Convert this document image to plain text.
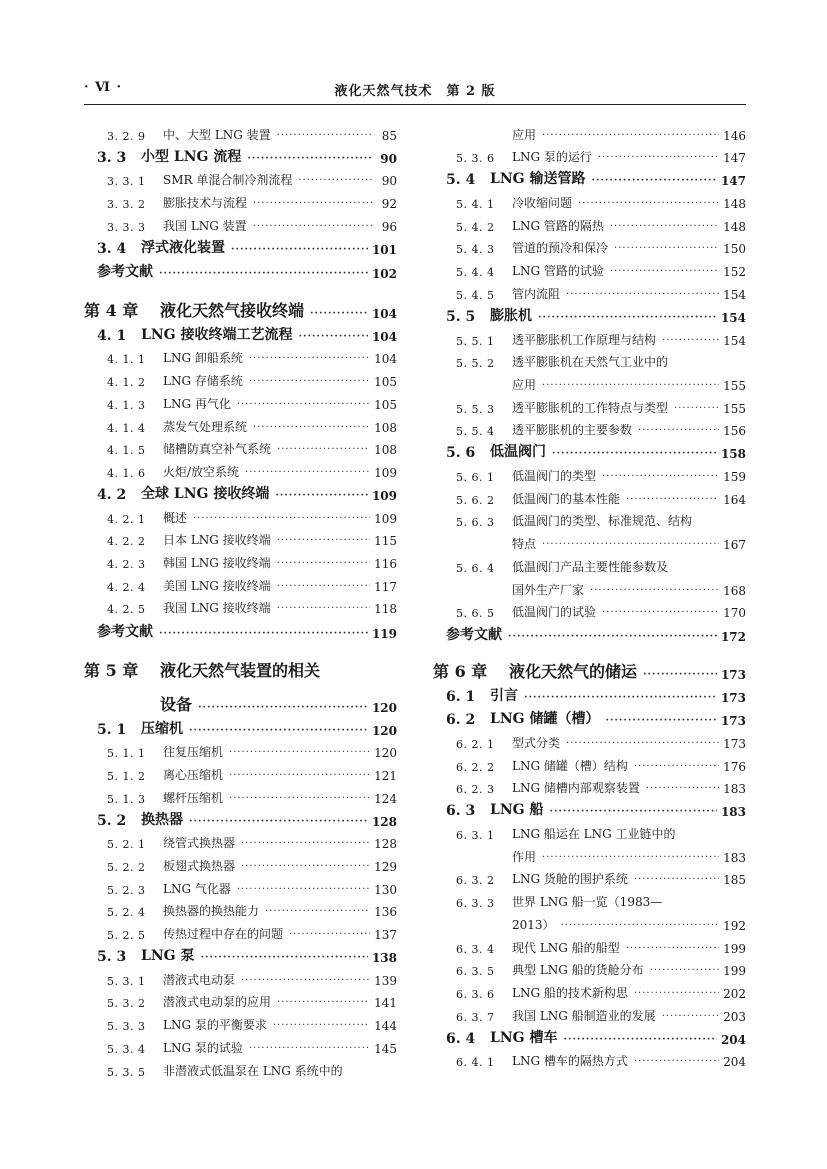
· Ⅵ ·	液化天然气技术　第 2 版
3. 2. 9	中、大型 LNG 装置 ·····	85
3. 3	小型 LNG 流程 ·····	90
3. 3. 1	SMR 单混合制冷剂流程 ·····	90
3. 3. 2	膨胀技术与流程 ·····	92
3. 3. 3	我国 LNG 装置 ·····	96
3. 4	浮式液化装置 ·····	101
参考文献 ·····	102
第 4 章	液化天然气接收终端 ·····	104
4. 1	LNG 接收终端工艺流程 ·····	104
4. 1. 1	LNG 卸船系统 ·····	104
4. 1. 2	LNG 存储系统 ·····	105
4. 1. 3	LNG 再气化 ·····	105
4. 1. 4	蒸发气处理系统 ·····	108
4. 1. 5	储槽防真空补气系统 ·····	108
4. 1. 6	火炬/放空系统 ·····	109
4. 2	全球 LNG 接收终端 ·····	109
4. 2. 1	概述 ·····	109
4. 2. 2	日本 LNG 接收终端 ·····	115
4. 2. 3	韩国 LNG 接收终端 ·····	116
4. 2. 4	美国 LNG 接收终端 ·····	117
4. 2. 5	我国 LNG 接收终端 ·····	118
参考文献 ·····	119
第 5 章	液化天然气装置的相关
设备 ·····	120
5. 1	压缩机 ·····	120
5. 1. 1	往复压缩机 ·····	120
5. 1. 2	离心压缩机 ·····	121
5. 1. 3	螺杆压缩机 ·····	124
5. 2	换热器 ·····	128
5. 2. 1	绕管式换热器 ·····	128
5. 2. 2	板翅式换热器 ·····	129
5. 2. 3	LNG 气化器 ·····	130
5. 2. 4	换热器的换热能力 ·····	136
5. 2. 5	传热过程中存在的问题 ·····	137
5. 3	LNG 泵 ·····	138
5. 3. 1	潜液式电动泵 ·····	139
5. 3. 2	潜液式电动泵的应用 ·····	141
5. 3. 3	LNG 泵的平衡要求 ·····	144
5. 3. 4	LNG 泵的试验 ·····	145
5. 3. 5	非潜液式低温泵在 LNG 系统中的
应用 ·····	146
5. 3. 6	LNG 泵的运行 ·····	147
5. 4	LNG 输送管路 ·····	147
5. 4. 1	冷收缩问题 ·····	148
5. 4. 2	LNG 管路的隔热 ·····	148
5. 4. 3	管道的预冷和保冷 ·····	150
5. 4. 4	LNG 管路的试验 ·····	152
5. 4. 5	管内流阻 ·····	154
5. 5	膨胀机 ·····	154
5. 5. 1	透平膨胀机工作原理与结构 ·····	154
5. 5. 2	透平膨胀机在天然气工业中的
应用 ·····	155
5. 5. 3	透平膨胀机的工作特点与类型 ·····	155
5. 5. 4	透平膨胀机的主要参数 ·····	156
5. 6	低温阀门 ·····	158
5. 6. 1	低温阀门的类型 ·····	159
5. 6. 2	低温阀门的基本性能 ·····	164
5. 6. 3	低温阀门的类型、标准规范、结构
特点 ·····	167
5. 6. 4	低温阀门产品主要性能参数及
国外生产厂家 ·····	168
5. 6. 5	低温阀门的试验 ·····	170
参考文献 ·····	172
第 6 章	液化天然气的储运 ·····	173
6. 1	引言 ·····	173
6. 2	LNG 储罐（槽） ·····	173
6. 2. 1	型式分类 ·····	173
6. 2. 2	LNG 储罐（槽）结构 ·····	176
6. 2. 3	LNG 储槽内部观察装置 ·····	183
6. 3	LNG 船 ·····	183
6. 3. 1	LNG 船运在 LNG 工业链中的
作用 ·····	183
6. 3. 2	LNG 货舱的围护系统 ·····	185
6. 3. 3	世界 LNG 船一览（1983—
2013） ·····	192
6. 3. 4	现代 LNG 船的船型 ·····	199
6. 3. 5	典型 LNG 船的货舱分布 ·····	199
6. 3. 6	LNG 船的技术新构思 ·····	202
6. 3. 7	我国 LNG 船制造业的发展 ·····	203
6. 4	LNG 槽车 ·····	204
6. 4. 1	LNG 槽车的隔热方式 ·····	204
